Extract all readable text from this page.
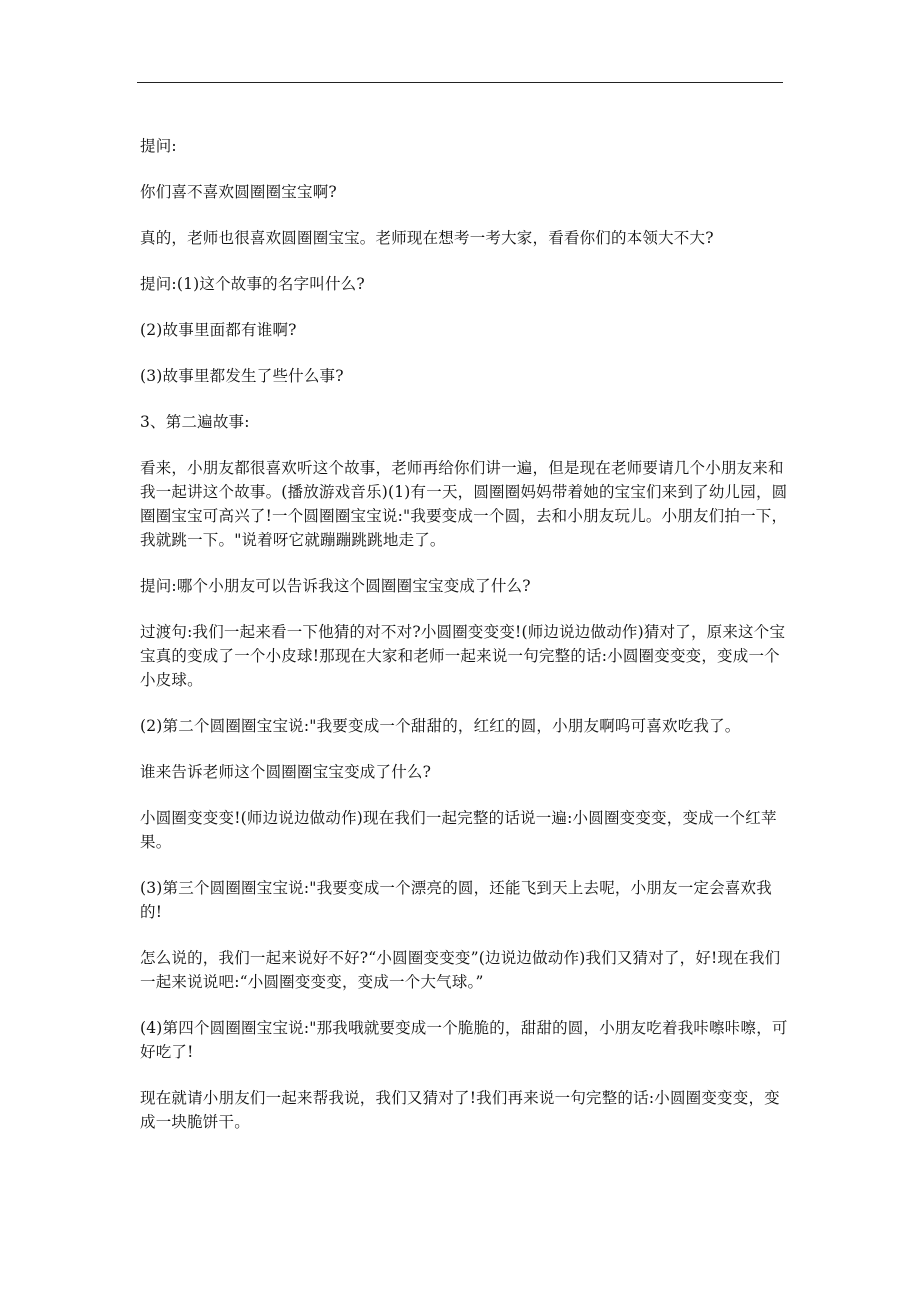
提问:

你们喜不喜欢圆圈圈宝宝啊?

真的，老师也很喜欢圆圈圈宝宝。老师现在想考一考大家，看看你们的本领大不大?

提问:(1)这个故事的名字叫什么?

(2)故事里面都有谁啊?

(3)故事里都发生了些什么事?

3、第二遍故事:

看来，小朋友都很喜欢听这个故事，老师再给你们讲一遍，但是现在老师要请几个小朋友来和我一起讲这个故事。(播放游戏音乐)(1)有一天，圆圈圈妈妈带着她的宝宝们来到了幼儿园，圆圈圈宝宝可高兴了!一个圆圈圈宝宝说:"我要变成一个圆，去和小朋友玩儿。小朋友们拍一下，我就跳一下。"说着呀它就蹦蹦跳跳地走了。

提问:哪个小朋友可以告诉我这个圆圈圈宝宝变成了什么?

过渡句:我们一起来看一下他猜的对不对?小圆圈变变变!(师边说边做动作)猜对了，原来这个宝宝真的变成了一个小皮球!那现在大家和老师一起来说一句完整的话:小圆圈变变变，变成一个小皮球。

(2)第二个圆圈圈宝宝说:"我要变成一个甜甜的，红红的圆，小朋友啊呜可喜欢吃我了。

谁来告诉老师这个圆圈圈宝宝变成了什么?

小圆圈变变变!(师边说边做动作)现在我们一起完整的话说一遍:小圆圈变变变，变成一个红苹果。

(3)第三个圆圈圈宝宝说:"我要变成一个漂亮的圆，还能飞到天上去呢，小朋友一定会喜欢我的!

怎么说的，我们一起来说好不好?“小圆圈变变变”(边说边做动作)我们又猜对了，好!现在我们一起来说说吧:“小圆圈变变变，变成一个大气球。”

(4)第四个圆圈圈宝宝说:"那我哦就要变成一个脆脆的，甜甜的圆，小朋友吃着我咔嚓咔嚓，可好吃了!

现在就请小朋友们一起来帮我说，我们又猜对了!我们再来说一句完整的话:小圆圈变变变，变成一块脆饼干。
